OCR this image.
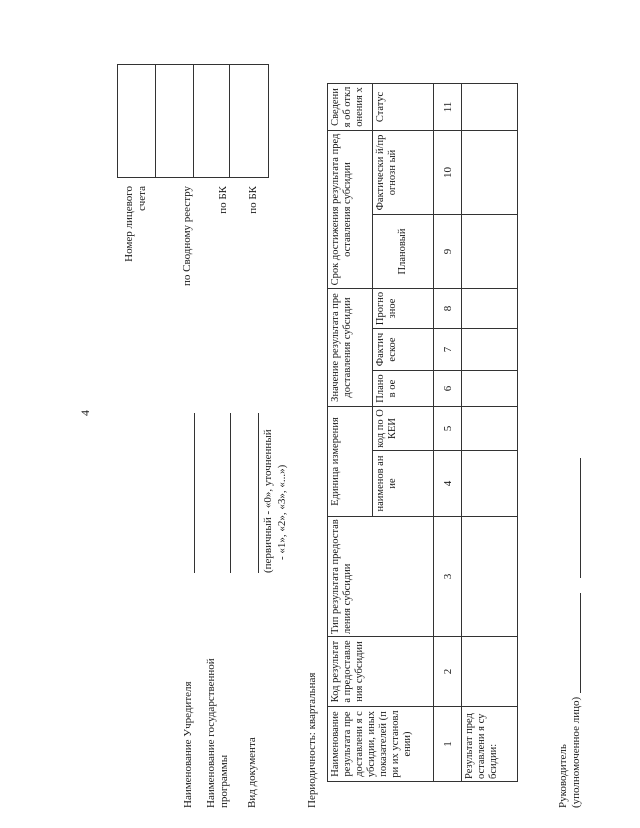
4
Наименование Учредителя Наименование государственной программы Вид документа
(первичный - «0», уточненный - «1», «2», «3», «...»)
Периодичность: квартальная
Номер лицевого
счета	по Сводному реестру по БК по БК
Наименование результата предоставлени я субсидии, иных показателей (при их установлении)	Код результата предоставле ния субсидии	Тип результата предоставления субсидии	Единица измерения		Значение результата предоставления субсидии			Срок достижения результата предоставления субсидии		Сведения об отклонения х
			наименов ание	код по ОКЕИ	Планов ое	Фактич еское	Прогно зное	Плановый	Фактически й/прогнозн ый	Статус
1	2	3	4	5	6	7	8	9	10	11
Результат предоставлени я субсидии:											Руководитель (уполномоченное лицо)
